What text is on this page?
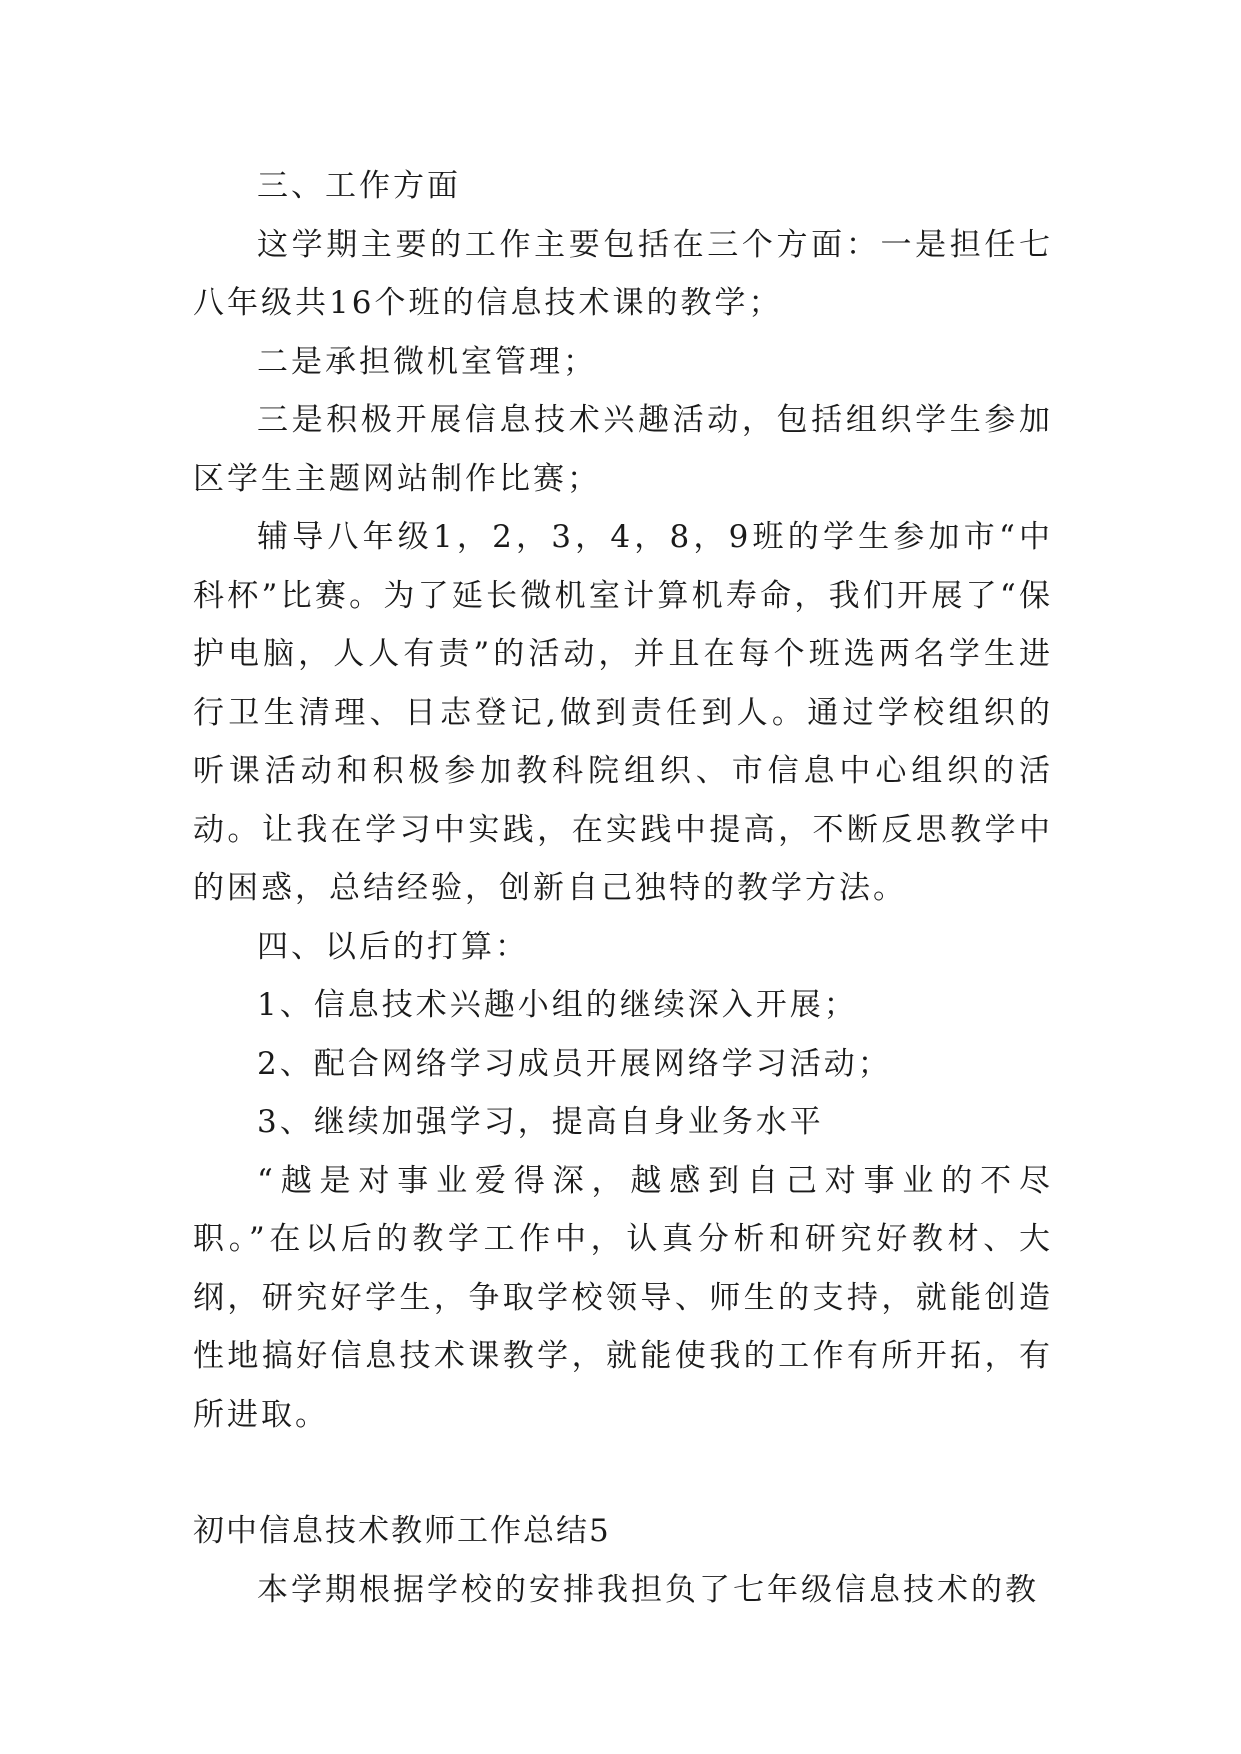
三、工作方面

这学期主要的工作主要包括在三个方面：一是担任七八年级共16个班的信息技术课的教学；

二是承担微机室管理；

三是积极开展信息技术兴趣活动，包括组织学生参加区学生主题网站制作比赛；

辅导八年级1，2，3，4，8，9班的学生参加市“中科杯”比赛。为了延长微机室计算机寿命，我们开展了“保护电脑，人人有责”的活动，并且在每个班选两名学生进行卫生清理、日志登记,做到责任到人。通过学校组织的听课活动和积极参加教科院组织、市信息中心组织的活动。让我在学习中实践，在实践中提高，不断反思教学中的困惑，总结经验，创新自己独特的教学方法。

四、以后的打算：

1、信息技术兴趣小组的继续深入开展；

2、配合网络学习成员开展网络学习活动；

3、继续加强学习，提高自身业务水平

“越是对事业爱得深，越感到自己对事业的不尽职。”在以后的教学工作中，认真分析和研究好教材、大纲，研究好学生，争取学校领导、师生的支持，就能创造性地搞好信息技术课教学，就能使我的工作有所开拓，有所进取。

初中信息技术教师工作总结5

本学期根据学校的安排我担负了七年级信息技术的教
